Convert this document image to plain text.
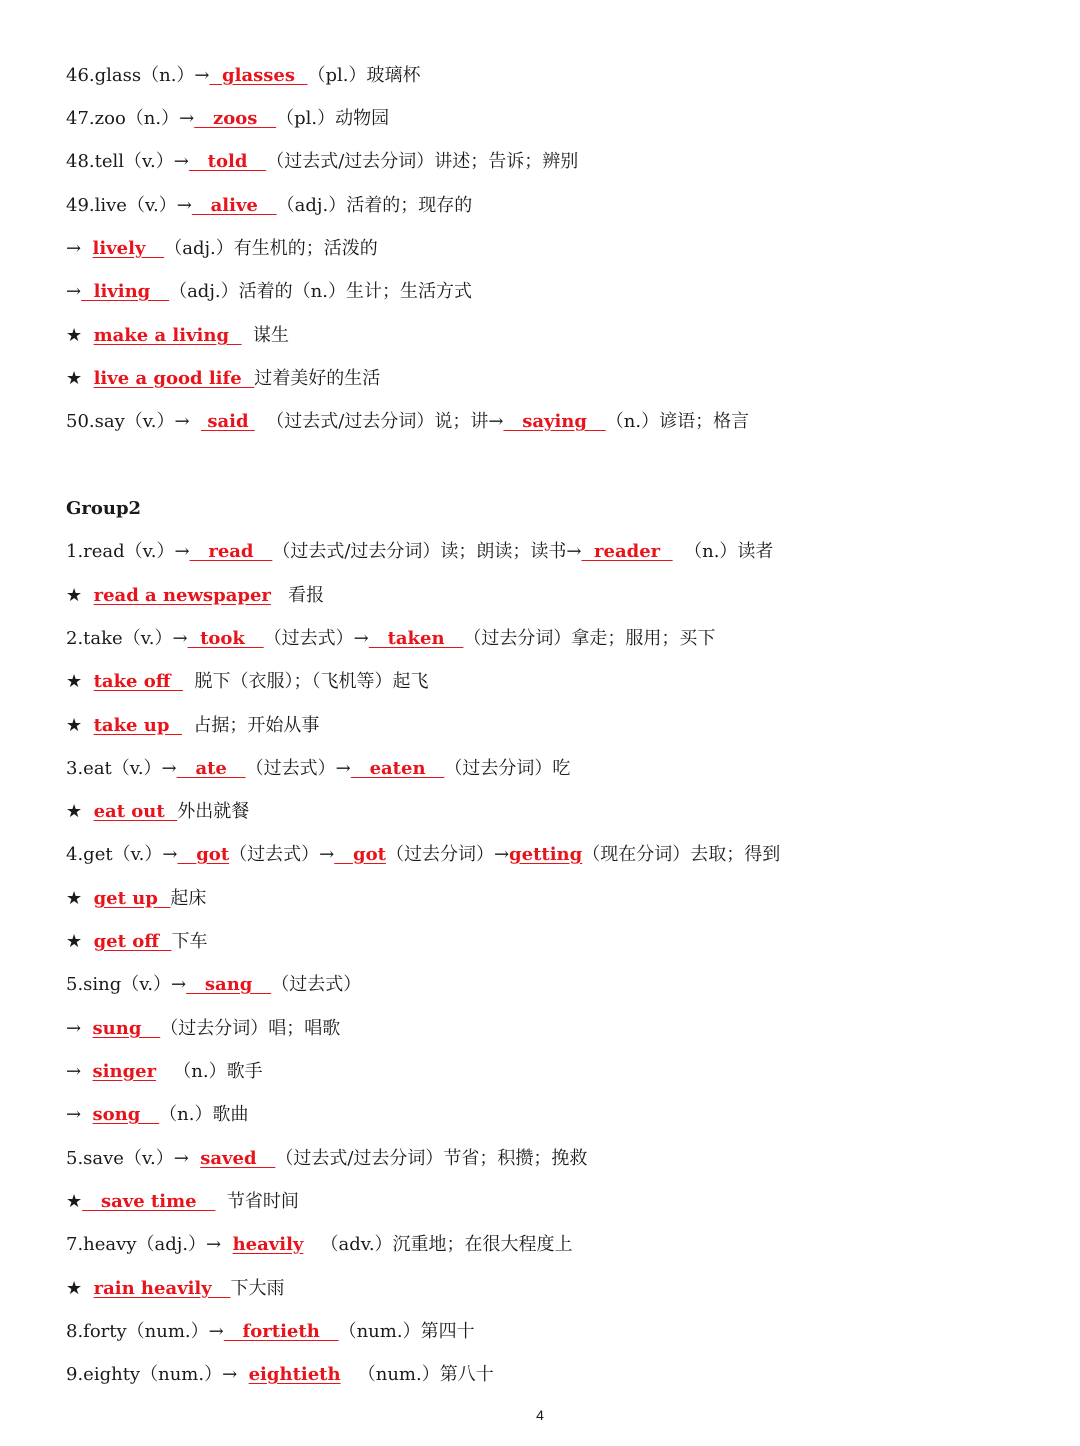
46.glass（n.）→  glasses  （pl.）玻璃杯
47.zoo（n.）→   zoos   （pl.）动物园
48.tell（v.）→   told   （过去式/过去分词）讲述；告诉；辨别
49.live（v.）→   alive   （adj.）活着的；现存的
→  lively   （adj.）有生机的；活泼的
→  living   （adj.）活着的（n.）生计；生活方式
★  make a living    谋生
★  live a good life  过着美好的生活
50.say（v.）→   said   （过去式/过去分词）说；讲→   saying   （n.）谚语；格言
Group2
1.read（v.）→   read   （过去式/过去分词）读；朗读；读书→  reader    （n.）读者
★  read a newspaper   看报
2.take（v.）→  took   （过去式）→   taken   （过去分词）拿走；服用；买下
★  take off    脱下（衣服）；（飞机等）起飞
★  take up    占据；开始从事
3.eat（v.）→   ate   （过去式）→   eaten   （过去分词）吃
★  eat out  外出就餐
4.get（v.）→   got（过去式）→   got（过去分词）→getting（现在分词）去取；得到
★  get up  起床
★  get off  下车
5.sing（v.）→   sang   （过去式）
→  sung   （过去分词）唱；唱歌
→  singer   （n.）歌手
→  song   （n.）歌曲
5.save（v.）→  saved   （过去式/过去分词）节省；积攒；挽救
★   save time     节省时间
7.heavy（adj.）→  heavily   （adv.）沉重地；在很大程度上
★  rain heavily   下大雨
8.forty（num.）→   fortieth   （num.）第四十
9.eighty（num.）→  eightieth   （num.）第八十
4
